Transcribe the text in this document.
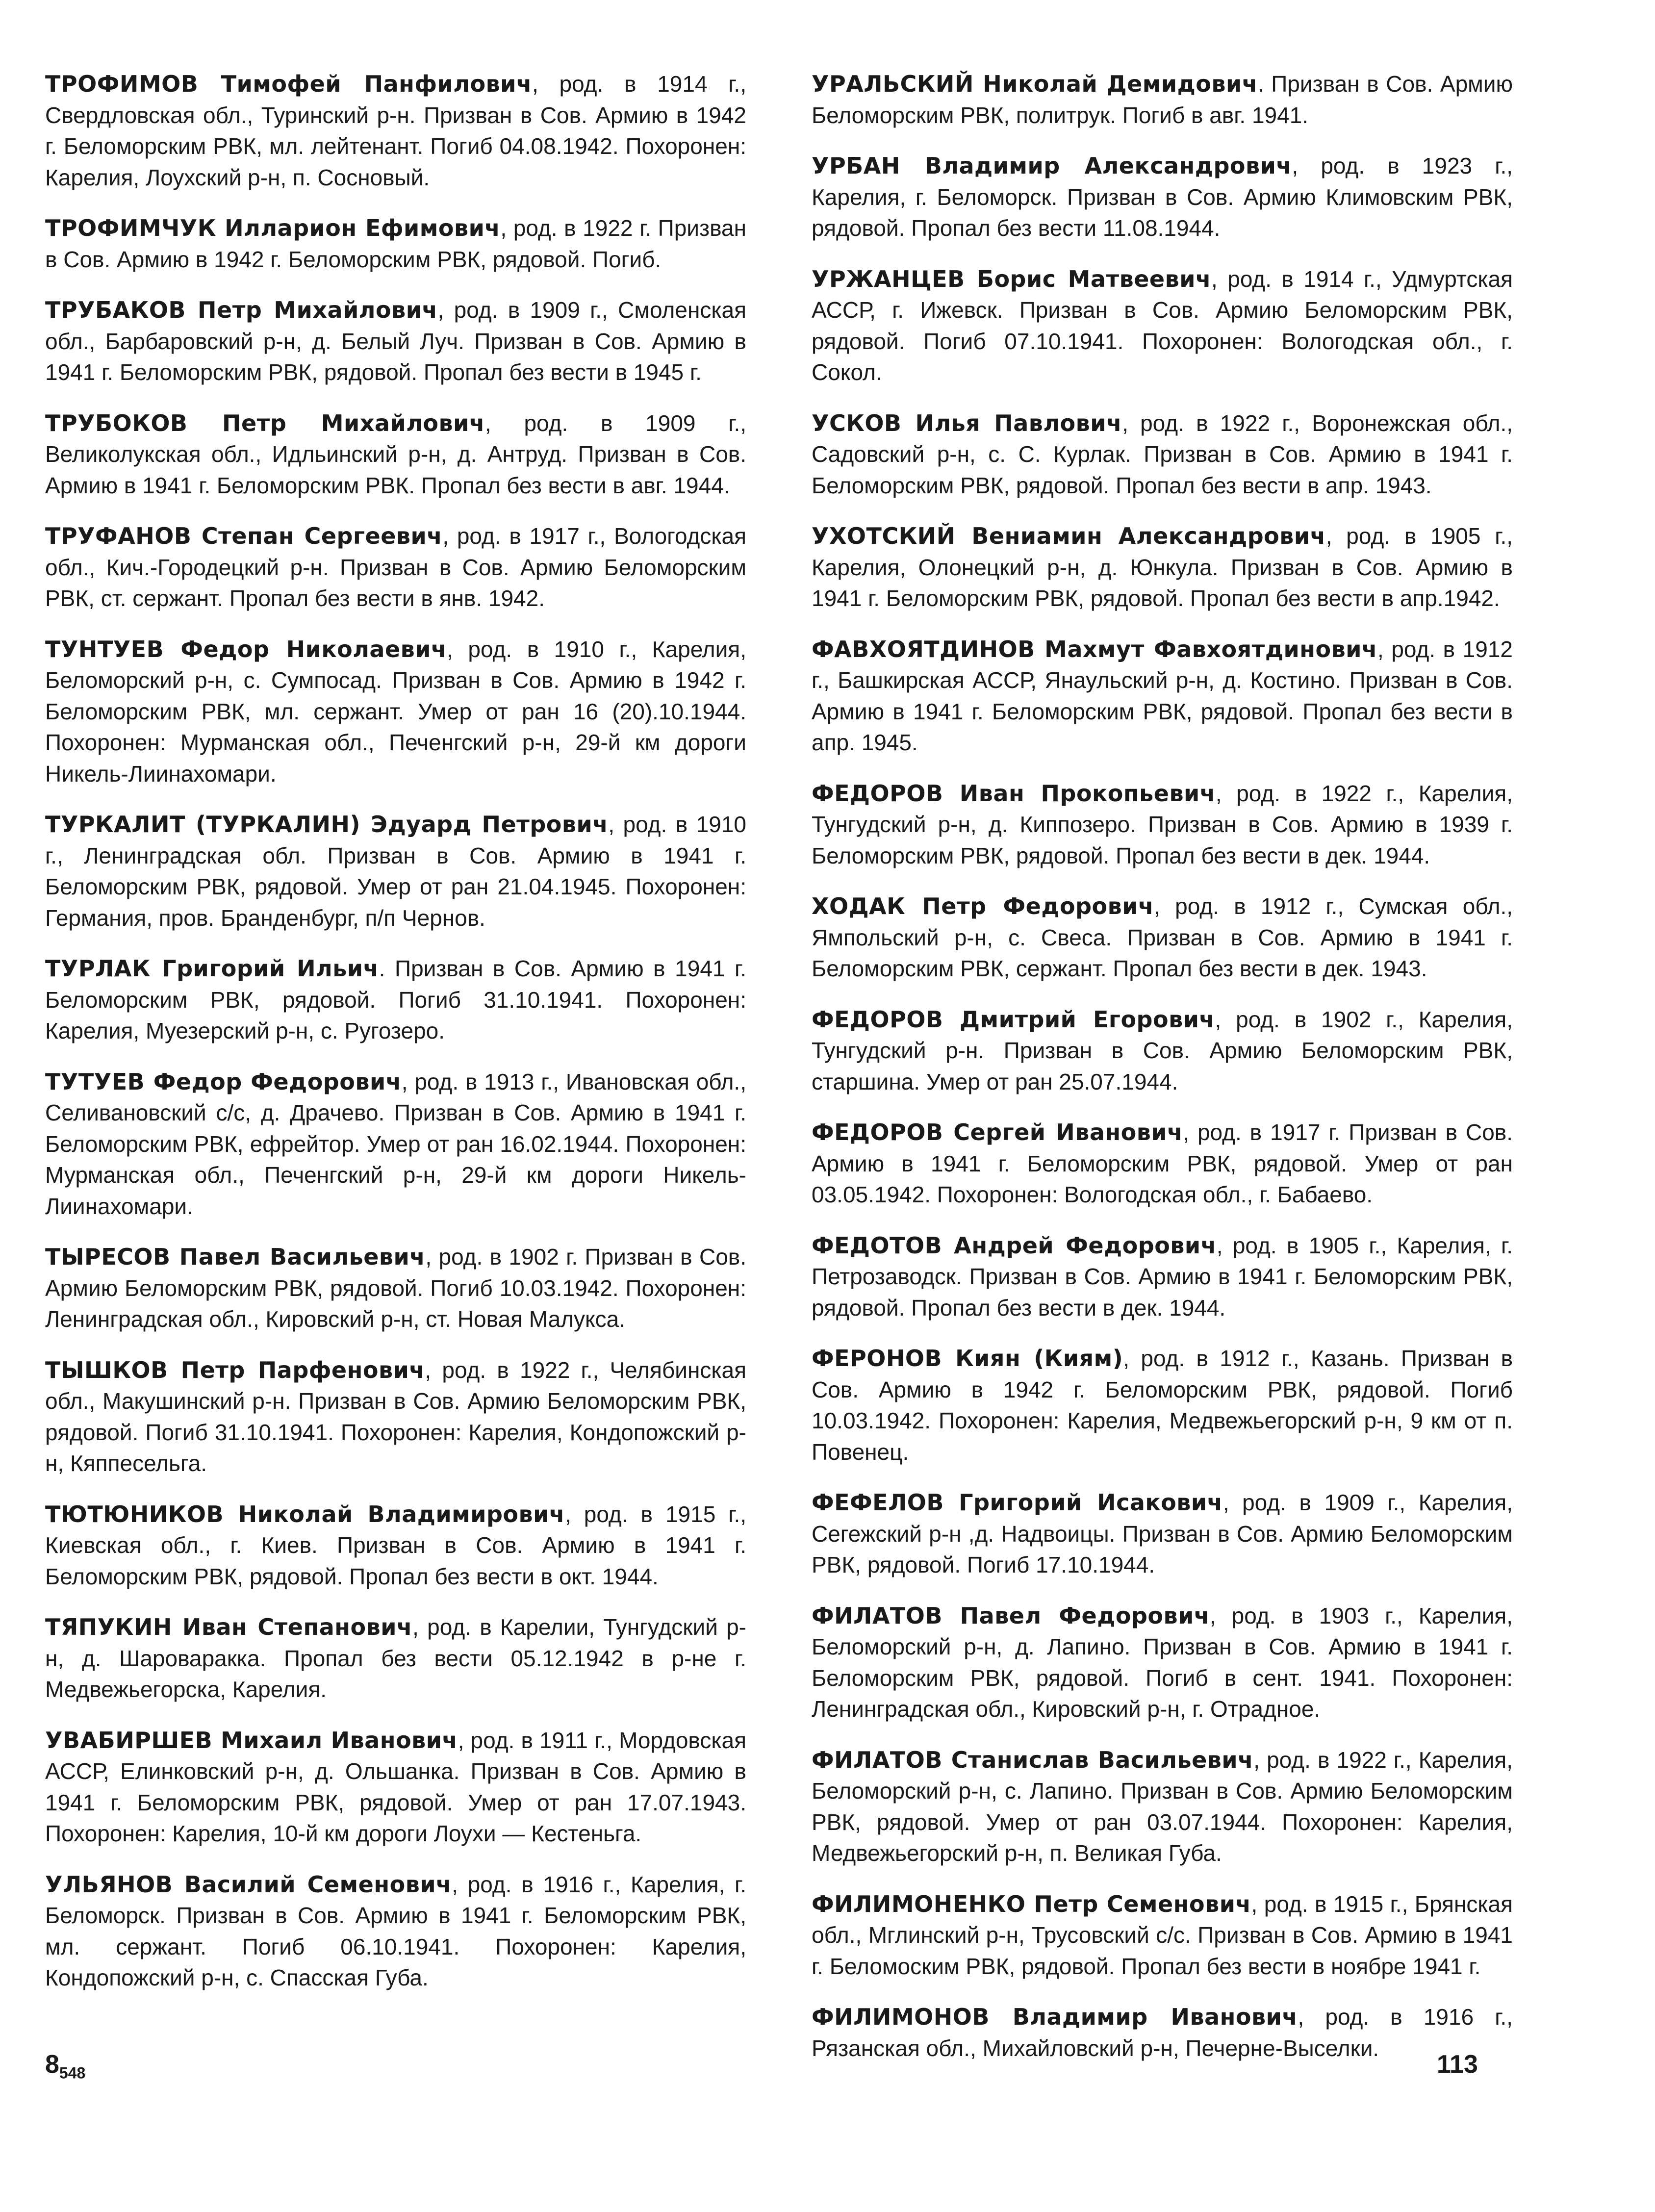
ТРОФИМОВ Тимофей Панфилович, род. в 1914 г., Свердловская обл., Туринский р-н. Призван в Сов. Армию в 1942 г. Беломорским РВК, мл. лейтенант. Погиб 04.08.1942. Похоронен: Карелия, Лоухский р-н, п. Сосновый.

ТРОФИМЧУК Илларион Ефимович, род. в 1922 г. Призван в Сов. Армию в 1942 г. Беломорским РВК, рядовой. Погиб.

ТРУБАКОВ Петр Михайлович, род. в 1909 г., Смоленская обл., Барбаровский р-н, д. Белый Луч. Призван в Сов. Армию в 1941 г. Беломорским РВК, рядовой. Пропал без вести в 1945 г.

ТРУБОКОВ Петр Михайлович, род. в 1909 г., Великолукская обл., Идльинский р-н, д. Антруд. Призван в Сов. Армию в 1941 г. Беломорским РВК. Пропал без вести в авг. 1944.

ТРУФАНОВ Степан Сергеевич, род. в 1917 г., Вологодская обл., Кич.-Городецкий р-н. Призван в Сов. Армию Беломорским РВК, ст. сержант. Пропал без вести в янв. 1942.

ТУНТУЕВ Федор Николаевич, род. в 1910 г., Карелия, Беломорский р-н, с. Сумпосад. Призван в Сов. Армию в 1942 г. Беломорским РВК, мл. сержант. Умер от ран 16 (20).10.1944. Похоронен: Мурманская обл., Печенгский р-н, 29-й км дороги Никель-Лиинахомари.

ТУРКАЛИТ (ТУРКАЛИН) Эдуард Петрович, род. в 1910 г., Ленинградская обл. Призван в Сов. Армию в 1941 г. Беломорским РВК, рядовой. Умер от ран 21.04.1945. Похоронен: Германия, пров. Бранденбург, п/п Чернов.

ТУРЛАК Григорий Ильич. Призван в Сов. Армию в 1941 г. Беломорским РВК, рядовой. Погиб 31.10.1941. Похоронен: Карелия, Муезерский р-н, с. Ругозеро.

ТУТУЕВ Федор Федорович, род. в 1913 г., Ивановская обл., Селивановский с/с, д. Драчево. Призван в Сов. Армию в 1941 г. Беломорским РВК, ефрейтор. Умер от ран 16.02.1944. Похоронен: Мурманская обл., Печенгский р-н, 29-й км дороги Никель-Лиинахомари.

ТЫРЕСОВ Павел Васильевич, род. в 1902 г. Призван в Сов. Армию Беломорским РВК, рядовой. Погиб 10.03.1942. Похоронен: Ленинградская обл., Кировский р-н, ст. Новая Малукса.

ТЫШКОВ Петр Парфенович, род. в 1922 г., Челябинская обл., Макушинский р-н. Призван в Сов. Армию Беломорским РВК, рядовой. Погиб 31.10.1941. Похоронен: Карелия, Кондопожский р-н, Кяппесельга.

ТЮТЮНИКОВ Николай Владимирович, род. в 1915 г., Киевская обл., г. Киев. Призван в Сов. Армию в 1941 г. Беломорским РВК, рядовой. Пропал без вести в окт. 1944.

ТЯПУКИН Иван Степанович, род. в Карелии, Тунгудский р-н, д. Шароваракка. Пропал без вести 05.12.1942 в р-не г. Медвежьегорска, Карелия.

УВАБИРШЕВ Михаил Иванович, род. в 1911 г., Мордовская АССР, Елинковский р-н, д. Ольшанка. Призван в Сов. Армию в 1941 г. Беломорским РВК, рядовой. Умер от ран 17.07.1943. Похоронен: Карелия, 10-й км дороги Лоухи — Кестеньга.

УЛЬЯНОВ Василий Семенович, род. в 1916 г., Карелия, г. Беломорск. Призван в Сов. Армию в 1941 г. Беломорским РВК, мл. сержант. Погиб 06.10.1941. Похоронен: Карелия, Кондопожский р-н, с. Спасская Губа.

УРАЛЬСКИЙ Николай Демидович. Призван в Сов. Армию Беломорским РВК, политрук. Погиб в авг. 1941.

УРБАН Владимир Александрович, род. в 1923 г., Карелия, г. Беломорск. Призван в Сов. Армию Климовским РВК, рядовой. Пропал без вести 11.08.1944.

УРЖАНЦЕВ Борис Матвеевич, род. в 1914 г., Удмуртская АССР, г. Ижевск. Призван в Сов. Армию Беломорским РВК, рядовой. Погиб 07.10.1941. Похоронен: Вологодская обл., г. Сокол.

УСКОВ Илья Павлович, род. в 1922 г., Воронежская обл., Садовский р-н, с. С. Курлак. Призван в Сов. Армию в 1941 г. Беломорским РВК, рядовой. Пропал без вести в апр. 1943.

УХОТСКИЙ Вениамин Александрович, род. в 1905 г., Карелия, Олонецкий р-н, д. Юнкула. Призван в Сов. Армию в 1941 г. Беломорским РВК, рядовой. Пропал без вести в апр.1942.

ФАВХОЯТДИНОВ Махмут Фавхоятдинович, род. в 1912 г., Башкирская АССР, Янаульский р-н, д. Костино. Призван в Сов. Армию в 1941 г. Беломорским РВК, рядовой. Пропал без вести в апр. 1945.

ФЕДОРОВ Иван Прокопьевич, род. в 1922 г., Карелия, Тунгудский р-н, д. Киппозеро. Призван в Сов. Армию в 1939 г. Беломорским РВК, рядовой. Пропал без вести в дек. 1944.

ХОДАК Петр Федорович, род. в 1912 г., Сумская обл., Ямпольский р-н, с. Свеса. Призван в Сов. Армию в 1941 г. Беломорским РВК, сержант. Пропал без вести в дек. 1943.

ФЕДОРОВ Дмитрий Егорович, род. в 1902 г., Карелия, Тунгудский р-н. Призван в Сов. Армию Беломорским РВК, старшина. Умер от ран 25.07.1944.

ФЕДОРОВ Сергей Иванович, род. в 1917 г. Призван в Сов. Армию в 1941 г. Беломорским РВК, рядовой. Умер от ран 03.05.1942. Похоронен: Вологодская обл., г. Бабаево.

ФЕДОТОВ Андрей Федорович, род. в 1905 г., Карелия, г. Петрозаводск. Призван в Сов. Армию в 1941 г. Беломорским РВК, рядовой. Пропал без вести в дек. 1944.

ФЕРОНОВ Киян (Киям), род. в 1912 г., Казань. Призван в Сов. Армию в 1942 г. Беломорским РВК, рядовой. Погиб 10.03.1942. Похоронен: Карелия, Медвежьегорский р-н, 9 км от п. Повенец.

ФЕФЕЛОВ Григорий Исакович, род. в 1909 г., Карелия, Сегежский р-н ,д. Надвоицы. Призван в Сов. Армию Беломорским РВК, рядовой. Погиб 17.10.1944.

ФИЛАТОВ Павел Федорович, род. в 1903 г., Карелия, Беломорский р-н, д. Лапино. Призван в Сов. Армию в 1941 г. Беломорским РВК, рядовой. Погиб в сент. 1941. Похоронен: Ленинградская обл., Кировский р-н, г. Отрадное.

ФИЛАТОВ Станислав Васильевич, род. в 1922 г., Карелия, Беломорский р-н, с. Лапино. Призван в Сов. Армию Беломорским РВК, рядовой. Умер от ран 03.07.1944. Похоронен: Карелия, Медвежьегорский р-н, п. Великая Губа.

ФИЛИМОНЕНКО Петр Семенович, род. в 1915 г., Брянская обл., Мглинский р-н, Трусовский с/с. Призван в Сов. Армию в 1941 г. Беломоским РВК, рядовой. Пропал без вести в ноябре 1941 г.

ФИЛИМОНОВ Владимир Иванович, род. в 1916 г., Рязанская обл., Михайловский р-н, Печерне-Выселки.

$8_{548}$	113
